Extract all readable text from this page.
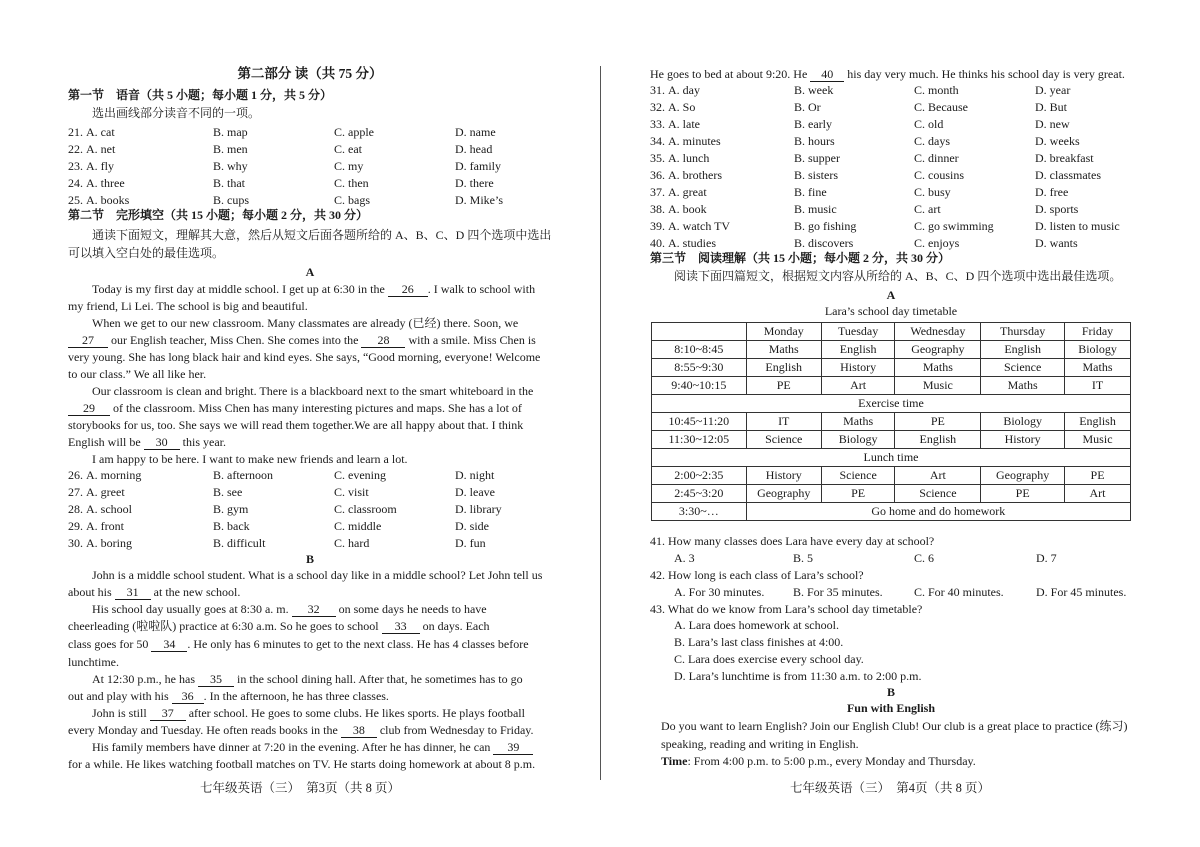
第二部分 读（共 75 分）
第一节　语音（共 5 小题；每小题 1 分，共 5 分）
选出画线部分读音不同的一项。
21. A. cat	B. map	C. apple	D. name
22. A. net	B. men	C. eat	D. head
23. A. fly	B. why	C. my	D. family
24. A. three	B. that	C. then	D. there
25. A. books	B. cups	C. bags	D. Mike’s
第二节　完形填空（共 15 小题；每小题 2 分，共 30 分）
通读下面短文，理解其大意，然后从短文后面各题所给的 A、B、C、D 四个选项中选出
可以填入空白处的最佳选项。
A
Today is my first day at middle school. I get up at 6:30 in the 26 . I walk to school with
my friend, Li Lei. The school is big and beautiful.
When we get to our new classroom. Many classmates are already (已经) there. Soon, we
27 our English teacher, Miss Chen. She comes into the 28 with a smile. Miss Chen is
very young. She has long black hair and kind eyes. She says, “Good morning, everyone! Welcome
to our class.” We all like her.
Our classroom is clean and bright. There is a blackboard next to the smart whiteboard in the
29 of the classroom. Miss Chen has many interesting pictures and maps. She has a lot of
storybooks for us, too. She says we will read them together.We are all happy about that. I think
English will be 30 this year.
I am happy to be here. I want to make new friends and learn a lot.
26. A. morning	B. afternoon	C. evening	D. night
27. A. greet	B. see	C. visit	D. leave
28. A. school	B. gym	C. classroom	D. library
29. A. front	B. back	C. middle	D. side
30. A. boring	B. difficult	C. hard	D. fun
B
John is a middle school student. What is a school day like in a middle school? Let John tell us
about his 31 at the new school.
His school day usually goes at 8:30 a. m. 32 on some days he needs to have
cheerleading (啦啦队) practice at 6:30 a.m. So he goes to school 33 on days. Each
class goes for 50 34 . He only has 6 minutes to get to the next class. He has 4 classes before
lunchtime.
At 12:30 p.m., he has 35 in the school dining hall. After that, he sometimes has to go
out and play with his 36 . In the afternoon, he has three classes.
John is still 37 after school. He goes to some clubs. He likes sports. He plays football
every Monday and Tuesday. He often reads books in the 38 club from Wednesday to Friday.
His family members have dinner at 7:20 in the evening. After he has dinner, he can 39
for a while. He likes watching football matches on TV. He starts doing homework at about 8 p.m.
七年级英语（三）　第3页（共 8 页）
He goes to bed at about 9:20. He 40 his day very much. He thinks his school day is very great.
31. A. day	B. week	C. month	D. year
32. A. So	B. Or	C. Because	D. But
33. A. late	B. early	C. old	D. new
34. A. minutes	B. hours	C. days	D. weeks
35. A. lunch	B. supper	C. dinner	D. breakfast
36. A. brothers	B. sisters	C. cousins	D. classmates
37. A. great	B. fine	C. busy	D. free
38. A. book	B. music	C. art	D. sports
39. A. watch TV	B. go fishing	C. go swimming	D. listen to music
40. A. studies	B. discovers	C. enjoys	D. wants
第三节　阅读理解（共 15 小题；每小题 2 分，共 30 分）
阅读下面四篇短文，根据短文内容从所给的 A、B、C、D 四个选项中选出最佳选项。
A
Lara’s school day timetable
41. How many classes does Lara have every day at school?
A. 3	B. 5	C. 6	D. 7
42. How long is each class of Lara’s school?
A. For 30 minutes. B. For 35 minutes.	C. For 40 minutes.	D. For 45 minutes.
43. What do we know from Lara’s school day timetable?
A. Lara does homework at school.
B. Lara’s last class finishes at 4:00.
C. Lara does exercise every school day.
D. Lara’s lunchtime is from 11:30 a.m. to 2:00 p.m.
B
Fun with English
Do you want to learn English? Join our English Club! Our club is a great place to practice (练习)
speaking, reading and writing in English.
Time: From 4:00 p.m. to 5:00 p.m., every Monday and Thursday.
	Monday	Tuesday	Wednesday	Thursday	Friday
8:10~8:45	Maths	English	Geography	English	Biology
8:55~9:30	English	History	Maths	Science	Maths
9:40~10:15	PE	Art	Music	Maths	IT
Exercise time					
10:45~11:20	IT	Maths	PE	Biology	English
11:30~12:05	Science	Biology	English	History	Music
Lunch time					
2:00~2:35	History	Science	Art	Geography	PE
2:45~3:20	Geography	PE	Science	PE	Art
3:30~…	Go home and do homework				
七年级英语（三）　第4页（共 8 页）
